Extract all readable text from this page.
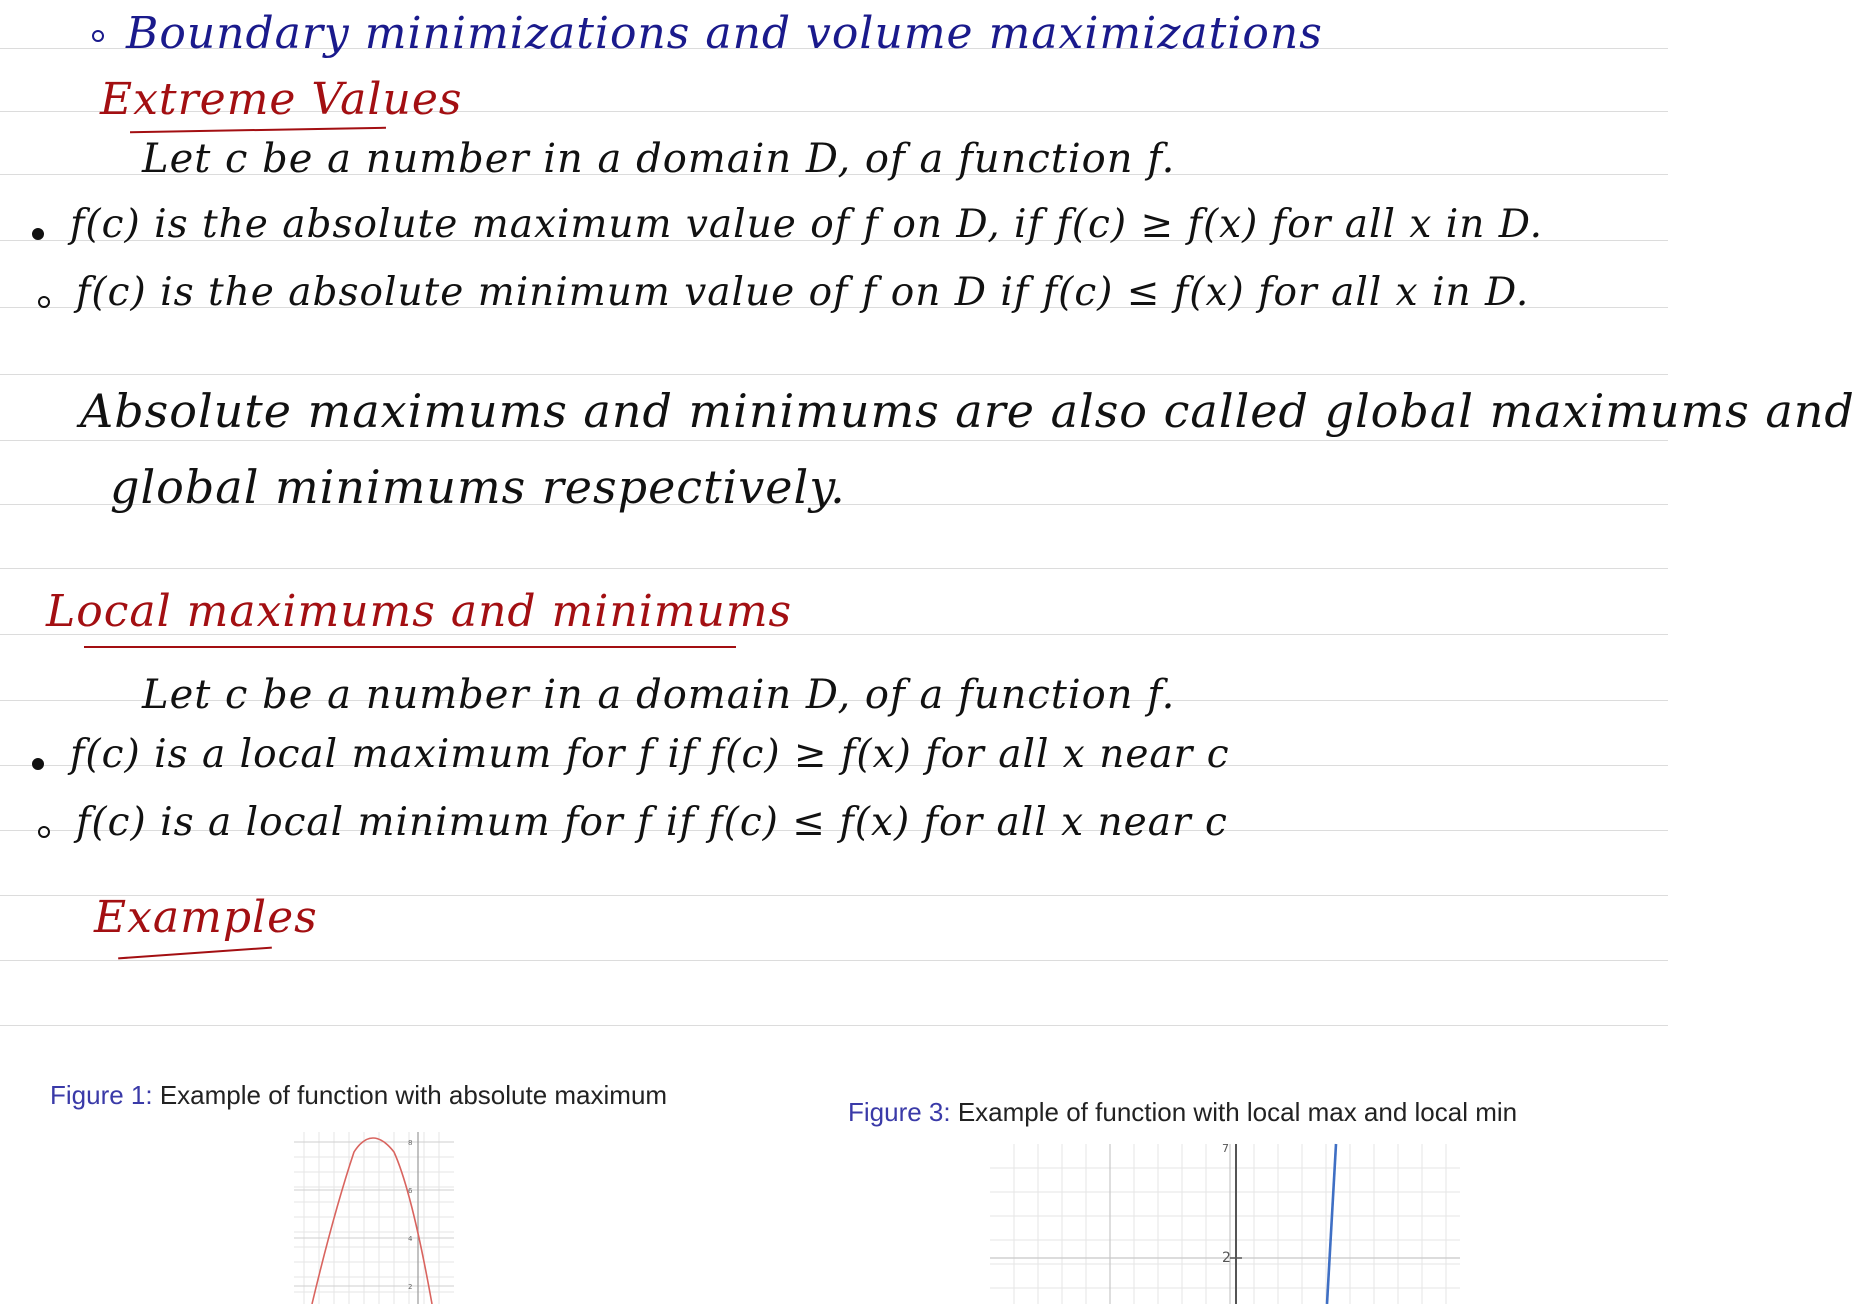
Boundary minimizations and volume maximizations
Extreme Values
Let c be a number in a domain D, of a function f.
f(c) is the absolute maximum value of f on D, if f(c) ≥ f(x) for all x in D.
f(c) is the absolute minimum value of f on D if f(c) ≤ f(x) for all x in D.
Absolute maximums and minimums are also called global maximums and
global minimums respectively.
Local maximums and minimums
Let c be a number in a domain D, of a function f.
f(c) is a local maximum for f if f(c) ≥ f(x) for all x near c
f(c) is a local minimum for f if f(c) ≤ f(x) for all x near c
Examples
Figure 1: Example of function with absolute maximum
8
6
4
2
Figure 3: Example of function with local max and local min
7
2
